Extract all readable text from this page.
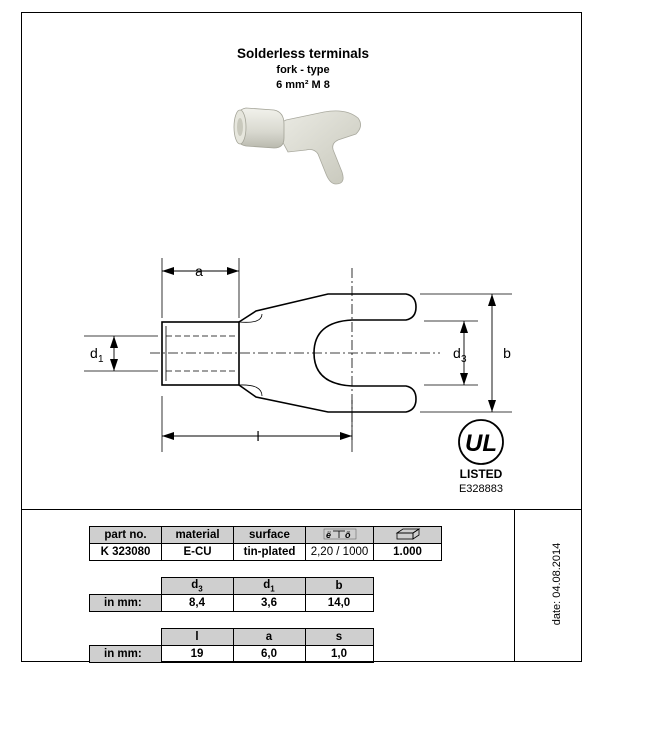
Solderless terminals
fork - type
6 mm² M 8
a
l
b
d 1	d 3
UL
LISTED
E328883
part no.	material	surface	ë õ

K 323080	E-CU	tin-plated	2,20 / 1000	1.000
	$d_3$	$d_1$	b
in mm:	8,4	3,6	14,0
	l	a	s
in mm:	19	6,0	1,0
date: 04.08.2014
